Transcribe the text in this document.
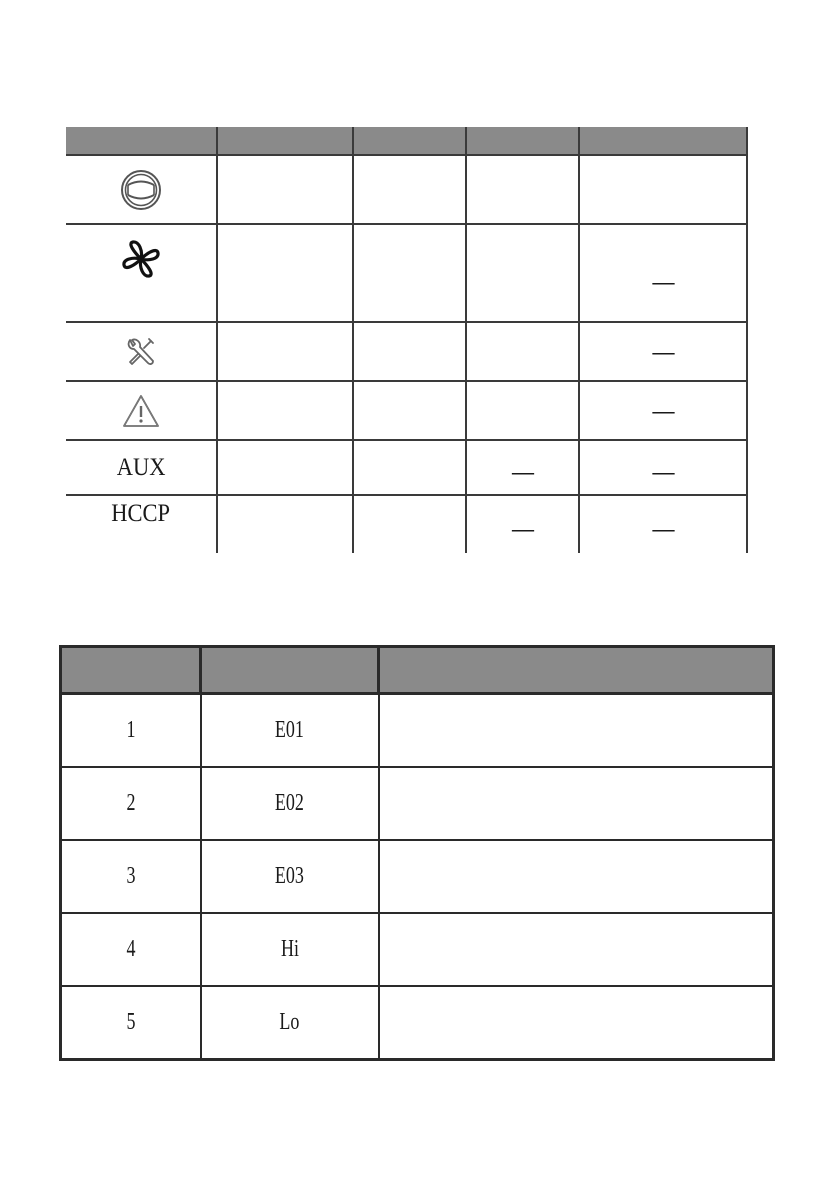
				—

				—

				—
AUX			—	—
HCCP			—	—

1	E01	
2	E02	
3	E03	
4	Hi	
5	Lo	
